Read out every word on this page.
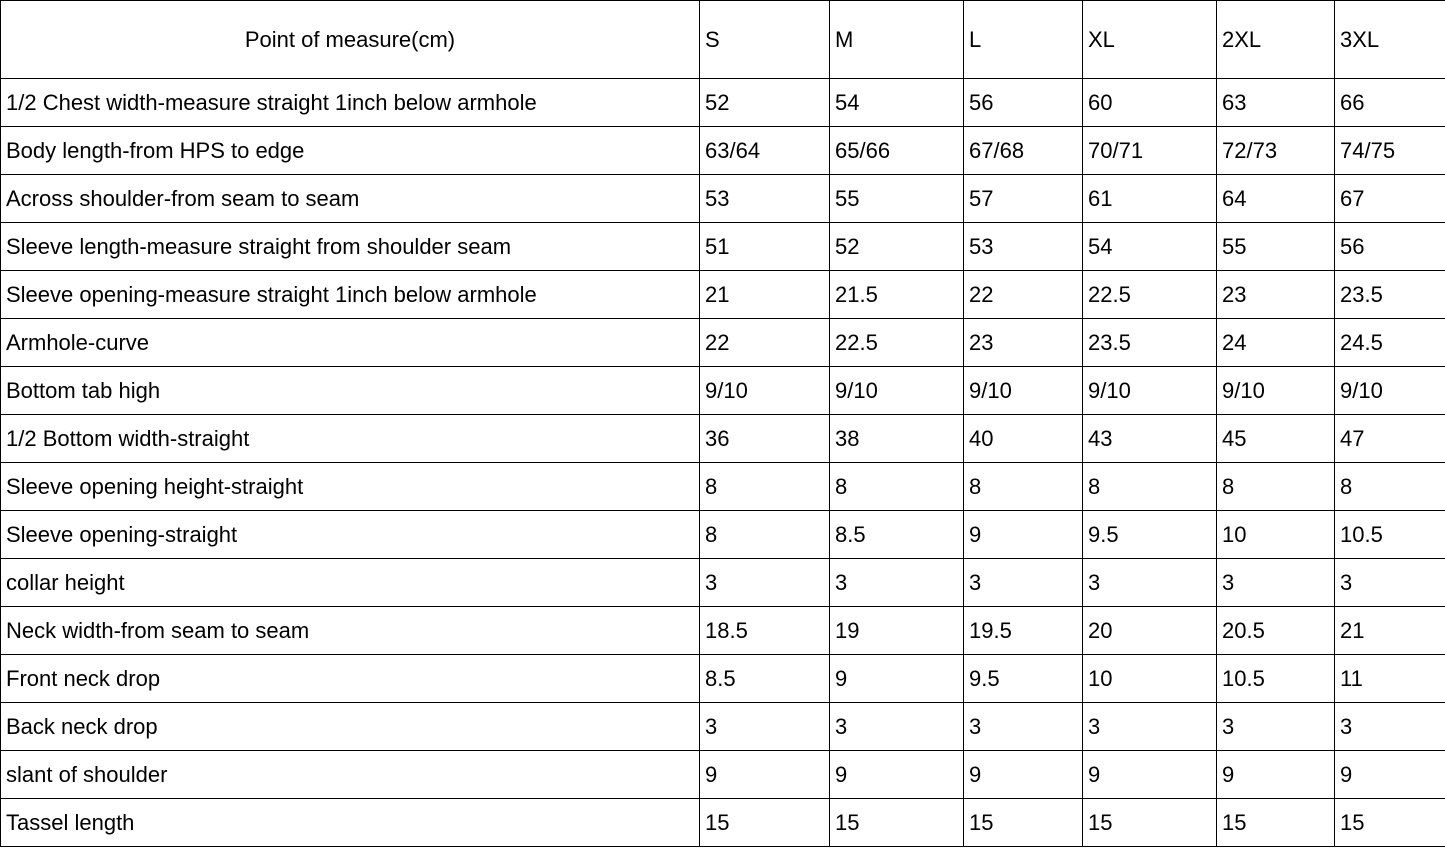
Point of measure(cm)	S	M	L	XL	2XL	3XL
1/2 Chest width-measure straight 1inch below armhole	52	54	56	60	63	66
Body length-from HPS to edge	63/64	65/66	67/68	70/71	72/73	74/75
Across shoulder-from seam to seam	53	55	57	61	64	67
Sleeve length-measure straight from shoulder seam	51	52	53	54	55	56
Sleeve opening-measure straight 1inch below armhole	21	21.5	22	22.5	23	23.5
Armhole-curve	22	22.5	23	23.5	24	24.5
Bottom tab high	9/10	9/10	9/10	9/10	9/10	9/10
1/2 Bottom width-straight	36	38	40	43	45	47
Sleeve opening height-straight	8	8	8	8	8	8
Sleeve opening-straight	8	8.5	9	9.5	10	10.5
collar height	3	3	3	3	3	3
Neck width-from seam to seam	18.5	19	19.5	20	20.5	21
Front neck drop	8.5	9	9.5	10	10.5	11
Back neck drop	3	3	3	3	3	3
slant of shoulder	9	9	9	9	9	9
Tassel length	15	15	15	15	15	15
